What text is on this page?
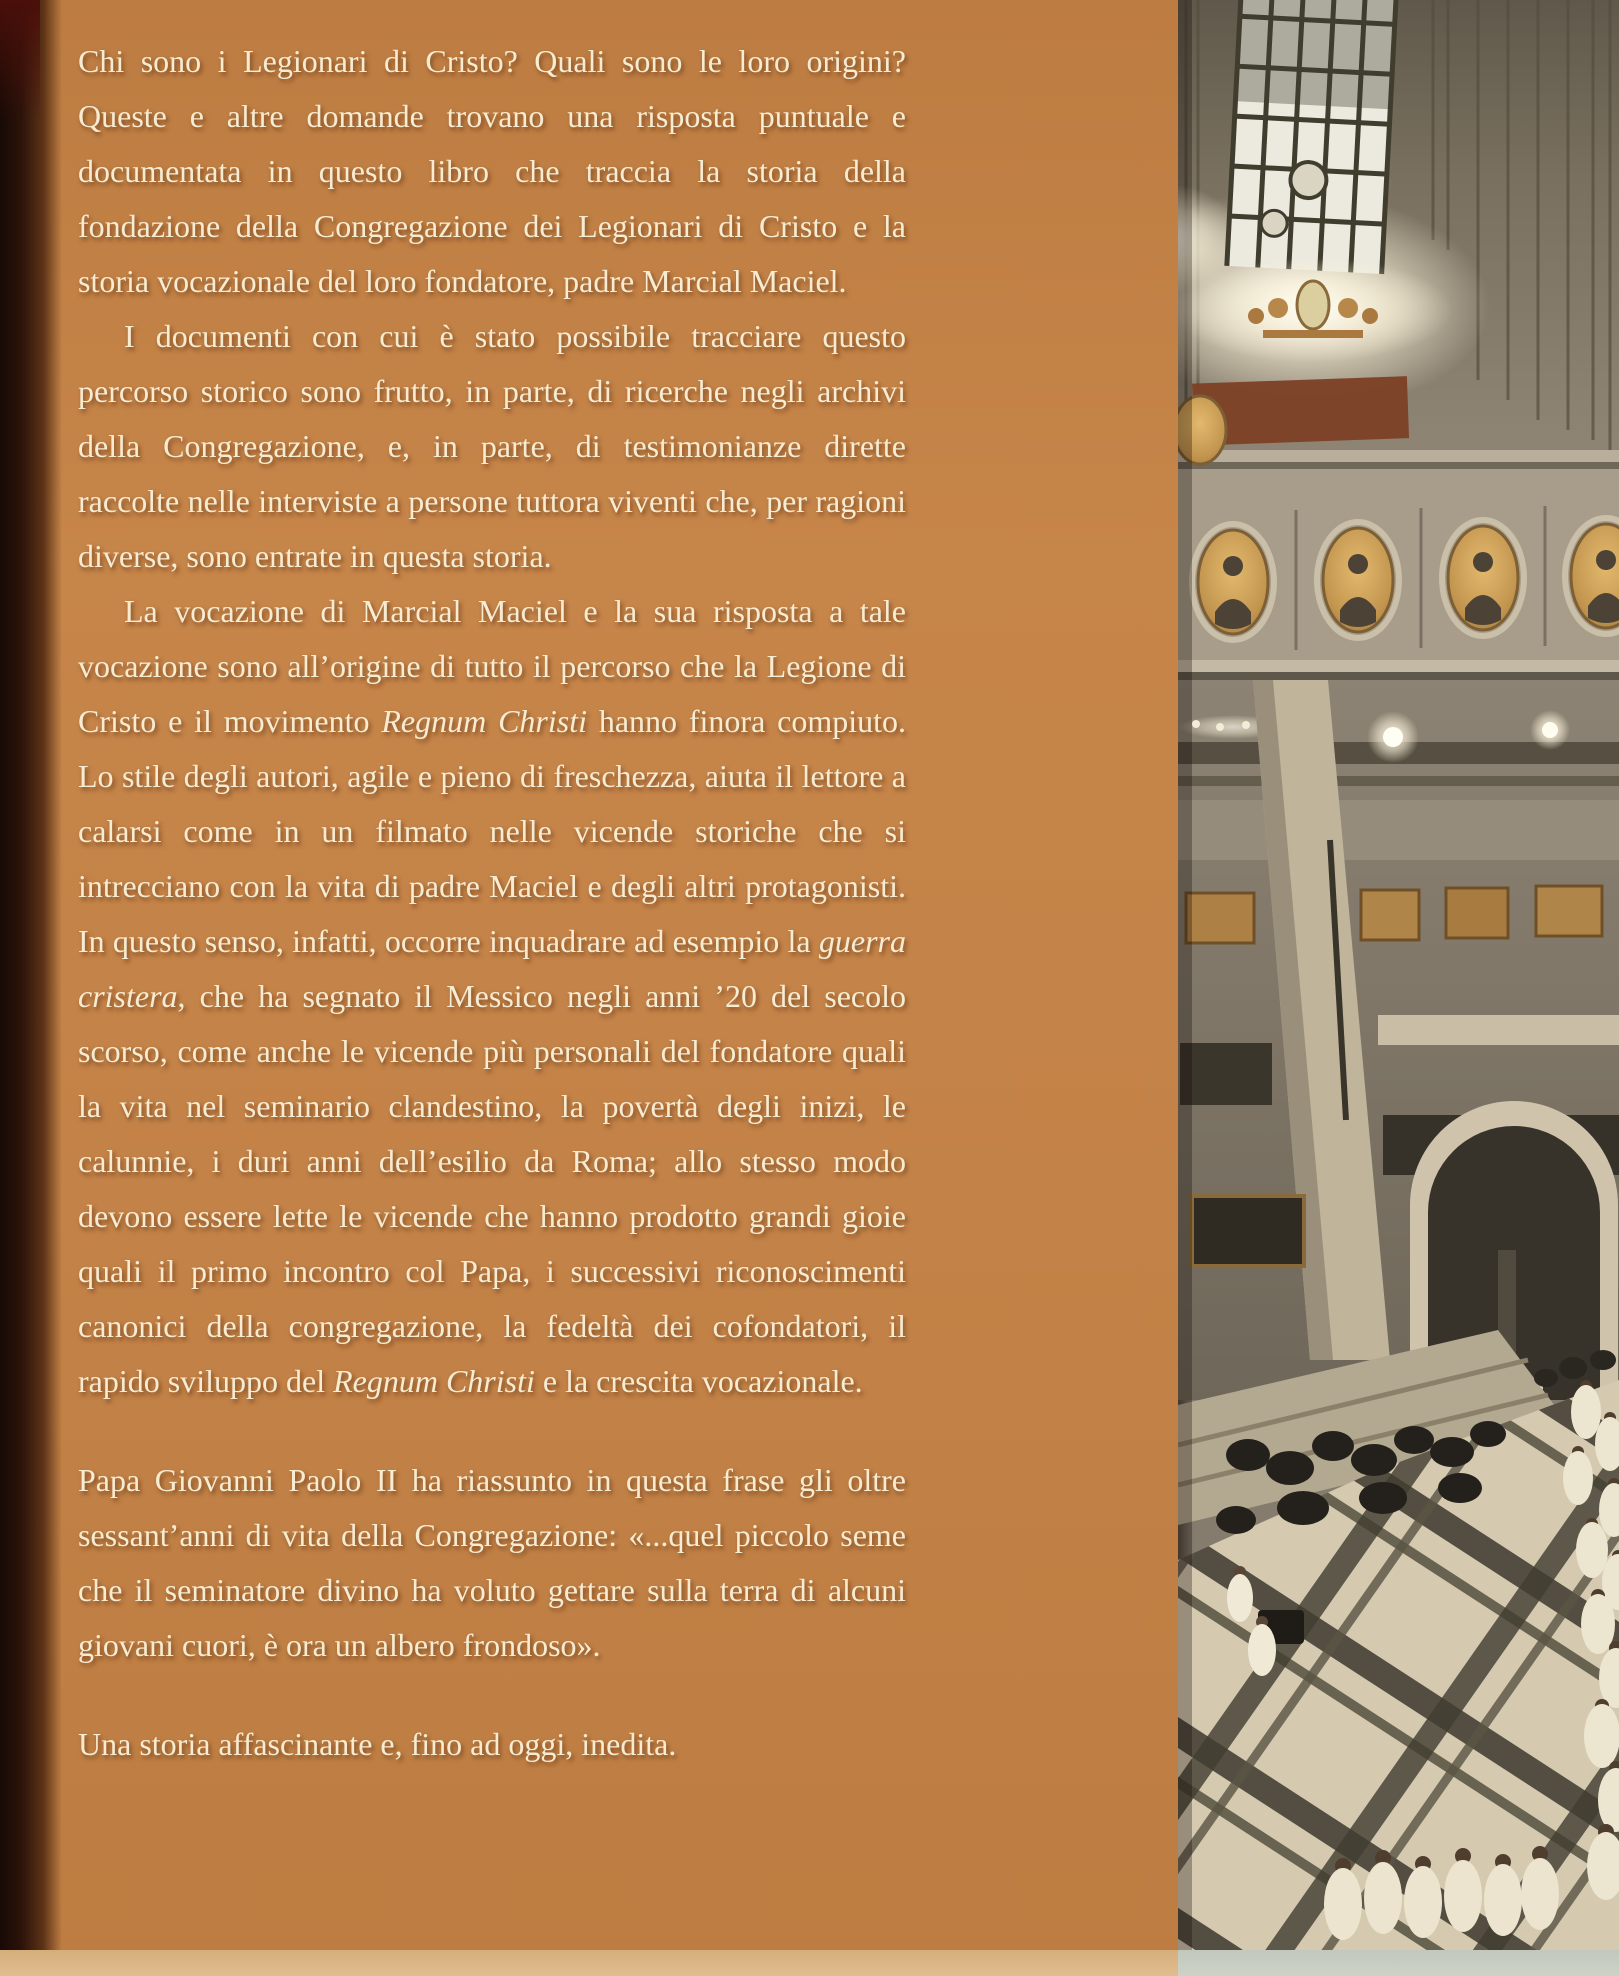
Chi sono i Legionari di Cristo? Quali sono le loro origini? Queste e altre domande trovano una risposta puntuale e documentata in questo libro che traccia la storia della fondazione della Congregazione dei Legionari di Cristo e la storia vocazionale del loro fondatore, padre Marcial Maciel.

I documenti con cui è stato possibile tracciare questo percorso storico sono frutto, in parte, di ricerche negli archivi della Congregazione, e, in parte, di testimonianze dirette raccolte nelle interviste a persone tuttora viventi che, per ragioni diverse, sono entrate in questa storia.

La vocazione di Marcial Maciel e la sua risposta a tale vocazione sono all’origine di tutto il percorso che la Legione di Cristo e il movimento Regnum Christi hanno finora compiuto. Lo stile degli autori, agile e pieno di freschezza, aiuta il lettore a calarsi come in un filmato nelle vicende storiche che si intrecciano con la vita di padre Maciel e degli altri protagonisti. In questo senso, infatti, occorre inquadrare ad esempio la guerra cristera, che ha segnato il Messico negli anni ’20 del secolo scorso, come anche le vicende più personali del fondatore quali la vita nel seminario clandestino, la povertà degli inizi, le calunnie, i duri anni dell’esilio da Roma; allo stesso modo devono essere lette le vicende che hanno prodotto grandi gioie quali il primo incontro col Papa, i successivi riconoscimenti canonici della congregazione, la fedeltà dei cofondatori, il rapido sviluppo del Regnum Christi e la crescita vocazionale.

Papa Giovanni Paolo II ha riassunto in questa frase gli oltre sessant’anni di vita della Congregazione: «...quel piccolo seme che il seminatore divino ha voluto gettare sulla terra di alcuni giovani cuori, è ora un albero frondoso».

Una storia affascinante e, fino ad oggi, inedita.
